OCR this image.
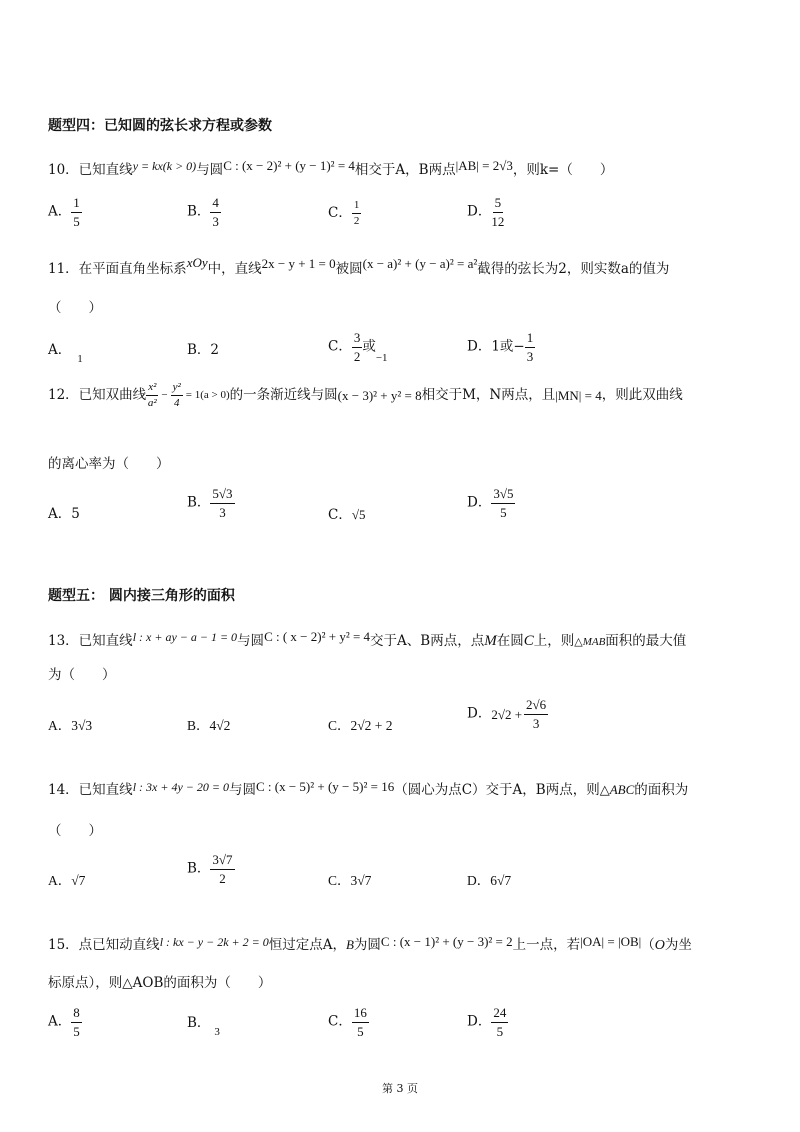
题型四：已知圆的弦长求方程或参数
10．已知直线y = kx(k > 0)与圆C : (x − 2)² + (y − 1)² = 4相交于A，B两点|AB| = 2√3，则k=（　　）
A． $\frac{1}{5}$	B． $\frac{4}{3}$	C． $\frac{1}{2}$	D． $\frac{5}{12}$
11．在平面直角坐标系xOy中，直线2x − y + 1 = 0被圆(x − a)² + (y − a)² = a²截得的弦长为2，则实数a的值为
（　　）
A．$_1$
B．2	C． $\frac{3}{2}$ 或$_{-1}$
D．1或− $\frac{1}{3}$
12．已知双曲线 $\frac{\text{x²}}{\text{a²}} - \frac{\text{y²}}{4} = 1(a > 0)$的一条渐近线与圆(x − 3)² + y² = 8相交于M，N两点，且|MN| = 4，则此双曲线
的离心率为（　　）
A．5
B． $\frac{5√3}{3}$	C．√5
D． $\frac{3√5}{5}$
题型五： 圆内接三角形的面积
13．已知直线l : x + ay − a − 1 = 0与圆C : ( x − 2)² + y² = 4交于A、B两点，点M在圆C上，则△MAB面积的最大值
为（　　）
A．3√3	B．4√2	C．2√2 + 2
D．$2√2 + \frac{2√6}{3}$
14．已知直线l : 3x + 4y − 20 = 0与圆C : (x − 5)² + (y − 5)² = 16（圆心为点C）交于A，B两点，则△ABC的面积为
（　　）
A．√7
B． $\frac{3√7}{2}$	C．3√7	D．6√7
15．点已知动直线l : kx − y − 2k + 2 = 0恒过定点A，B为圆C : (x − 1)² + (y − 3)² = 2上一点，若|OA| = |OB|（O为坐
标原点），则△AOB的面积为（　　）
A． $\frac{8}{5}$	B．$_3$
C． $\frac{16}{5}$	D． $\frac{24}{5}$
第 3 页
